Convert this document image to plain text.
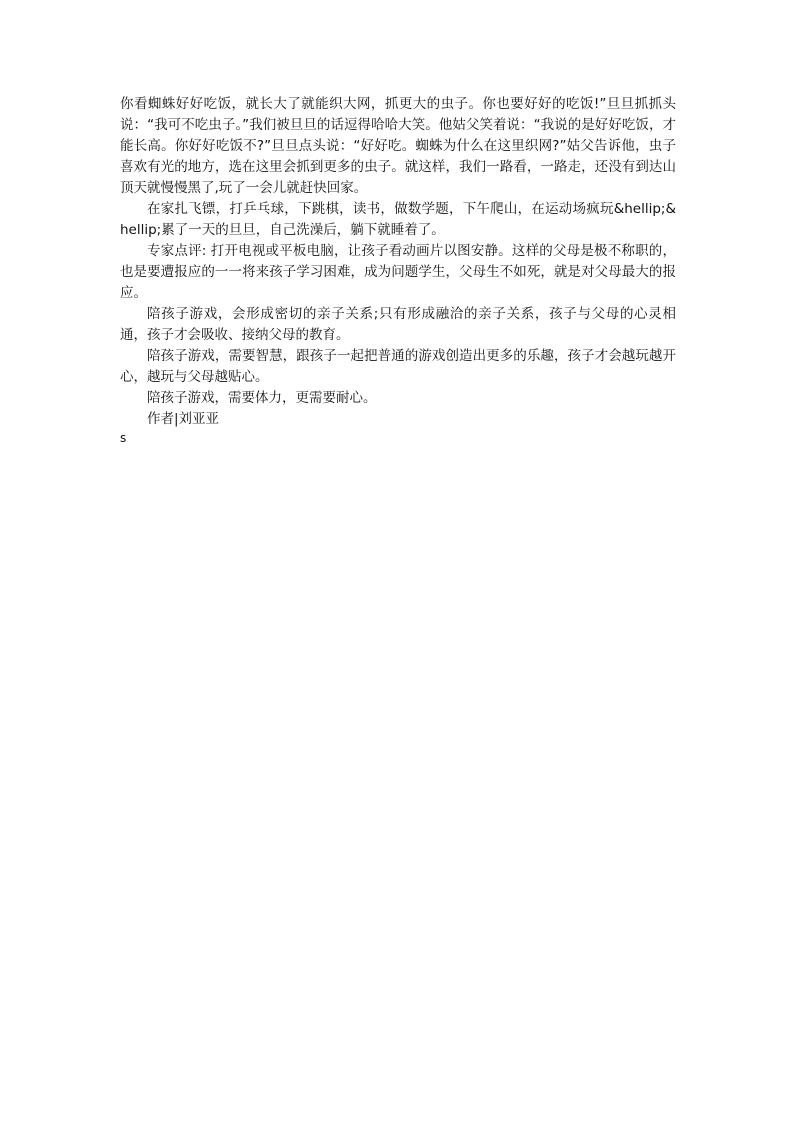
你看蜘蛛好好吃饭，就长大了就能织大网，抓更大的虫子。你也要好好的吃饭!”旦旦抓抓头说：“我可不吃虫子。”我们被旦旦的话逗得哈哈大笑。他姑父笑着说：“我说的是好好吃饭，才能长高。你好好吃饭不?”旦旦点头说：“好好吃。蜘蛛为什么在这里织网?”姑父告诉他，虫子喜欢有光的地方，选在这里会抓到更多的虫子。就这样，我们一路看，一路走，还没有到达山顶天就慢慢黑了,玩了一会儿就赶快回家。

在家扎飞镖，打乒乓球，下跳棋，读书，做数学题，下午爬山，在运动场疯玩&hellip;&hellip;累了一天的旦旦，自己洗澡后，躺下就睡着了。

专家点评: 打开电视或平板电脑，让孩子看动画片以图安静。这样的父母是极不称职的，也是要遭报应的一一将来孩子学习困难，成为问题学生，父母生不如死，就是对父母最大的报应。

陪孩子游戏，会形成密切的亲子关系;只有形成融洽的亲子关系，孩子与父母的心灵相通，孩子才会吸收、接纳父母的教育。

陪孩子游戏，需要智慧，跟孩子一起把普通的游戏创造出更多的乐趣，孩子才会越玩越开心，越玩与父母越贴心。

陪孩子游戏，需要体力，更需要耐心。

作者|刘亚亚

s
